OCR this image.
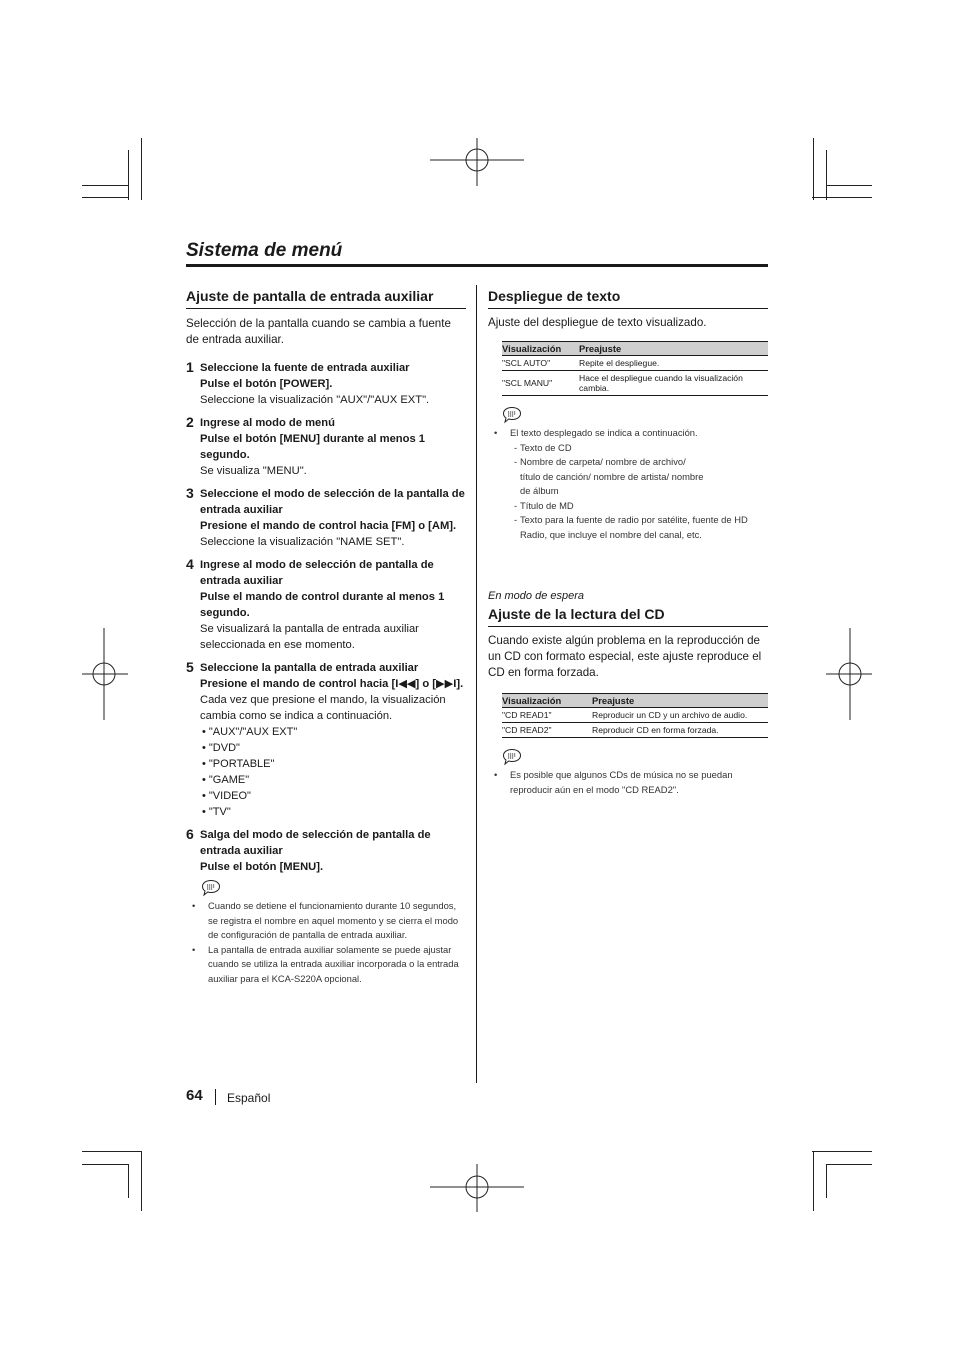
Sistema de menú
Ajuste de pantalla de entrada auxiliar

Selección de la pantalla cuando se cambia a fuente de entrada auxiliar.

1 Seleccione la fuente de entrada auxiliar
Pulse el botón [POWER].
Seleccione la visualización "AUX"/"AUX EXT".
2 Ingrese al modo de menú
Pulse el botón [MENU] durante al menos 1 segundo.
Se visualiza "MENU".
3 Seleccione el modo de selección de la pantalla de entrada auxiliar
Presione el mando de control hacia [FM] o [AM].
Seleccione la visualización "NAME SET".
4 Ingrese al modo de selección de pantalla de entrada auxiliar
Pulse el mando de control durante al menos 1 segundo.
Se visualizará la pantalla de entrada auxiliar seleccionada en ese momento.
5 Seleccione la pantalla de entrada auxiliar
Presione el mando de control hacia [I◀◀] o [▶▶I].
Cada vez que presione el mando, la visualización cambia como se indica a continuación.
• "AUX"/"AUX EXT"
• "DVD"
• "PORTABLE"
• "GAME"
• "VIDEO"
• "TV"
6 Salga del modo de selección de pantalla de entrada auxiliar
Pulse el botón [MENU].
• Cuando se detiene el funcionamiento durante 10 segundos, se registra el nombre en aquel momento y se cierra el modo de configuración de pantalla de entrada auxiliar.
• La pantalla de entrada auxiliar solamente se puede ajustar cuando se utiliza la entrada auxiliar incorporada o la entrada auxiliar para el KCA-S220A opcional.
Despliegue de texto

Ajuste del despliegue de texto visualizado.

Visualización	Preajuste
"SCL AUTO"	Repite el despliegue.
"SCL MANU"	Hace el despliegue cuando la visualización cambia.
• El texto desplegado se indica a continuación.
- Texto de CD
- Nombre de carpeta/ nombre de archivo/ título de canción/ nombre de artista/ nombre de álbum
- Título de MD
- Texto para la fuente de radio por satélite, fuente de HD Radio, que incluye el nombre del canal, etc.

En modo de espera

Ajuste de la lectura del CD

Cuando existe algún problema en la reproducción de un CD con formato especial, este ajuste reproduce el CD en forma forzada.

Visualización	Preajuste
"CD READ1"	Reproducir un CD y un archivo de audio.
"CD READ2"	Reproducir CD en forma forzada.
• Es posible que algunos CDs de música no se puedan reproducir aún en el modo "CD READ2".
64 Español
